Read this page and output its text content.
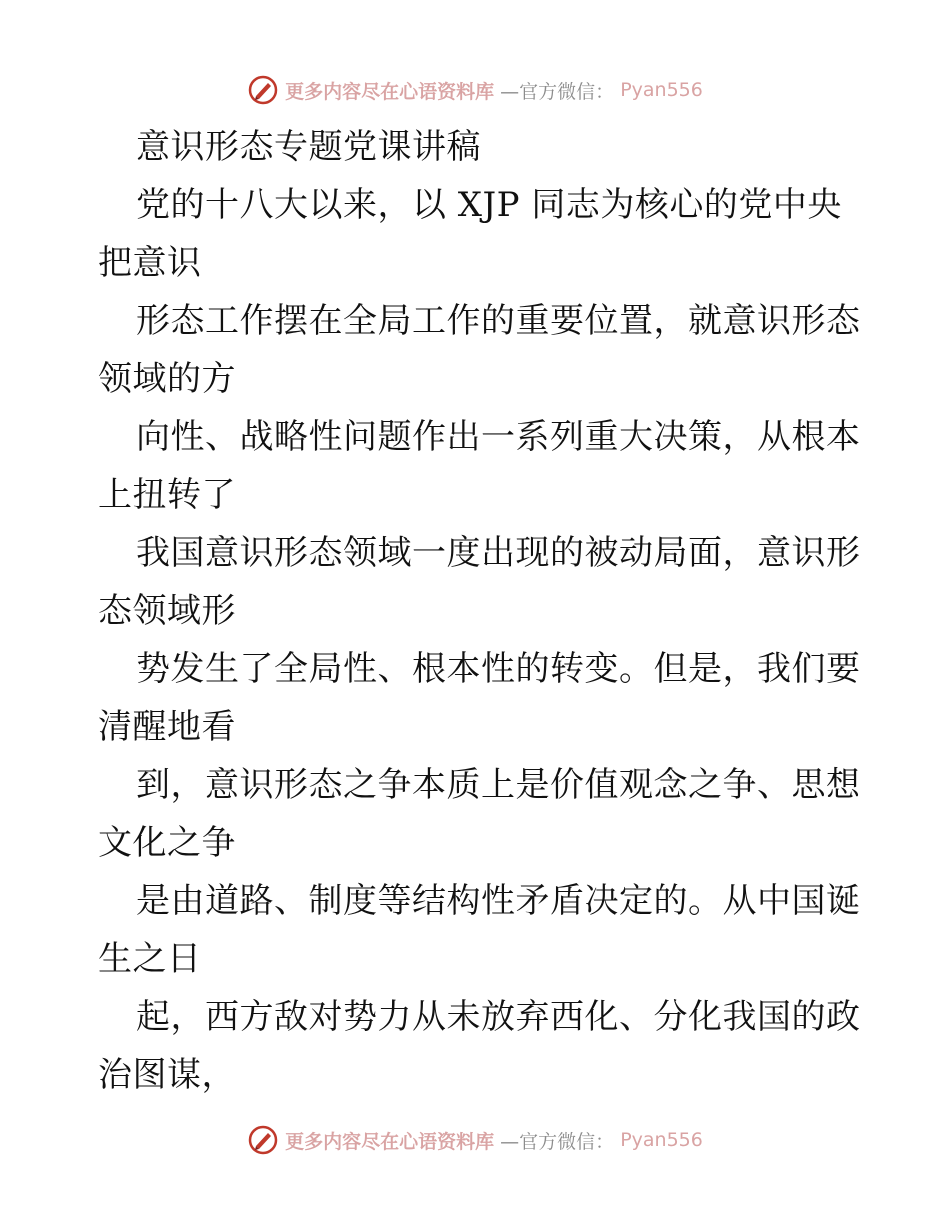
更多内容尽在心语资料库 —官方微信： Pyan556

意识形态专题党课讲稿

党的十八大以来，以 XJP 同志为核心的党中央

把意识

形态工作摆在全局工作的重要位置，就意识形态

领域的方

向性、战略性问题作出一系列重大决策，从根本

上扭转了

我国意识形态领域一度出现的被动局面，意识形

态领域形

势发生了全局性、根本性的转变。但是，我们要

清醒地看

到，意识形态之争本质上是价值观念之争、思想

文化之争

是由道路、制度等结构性矛盾决定的。从中国诞

生之日

起，西方敌对势力从未放弃西化、分化我国的政

治图谋，

更多内容尽在心语资料库 —官方微信： Pyan556
